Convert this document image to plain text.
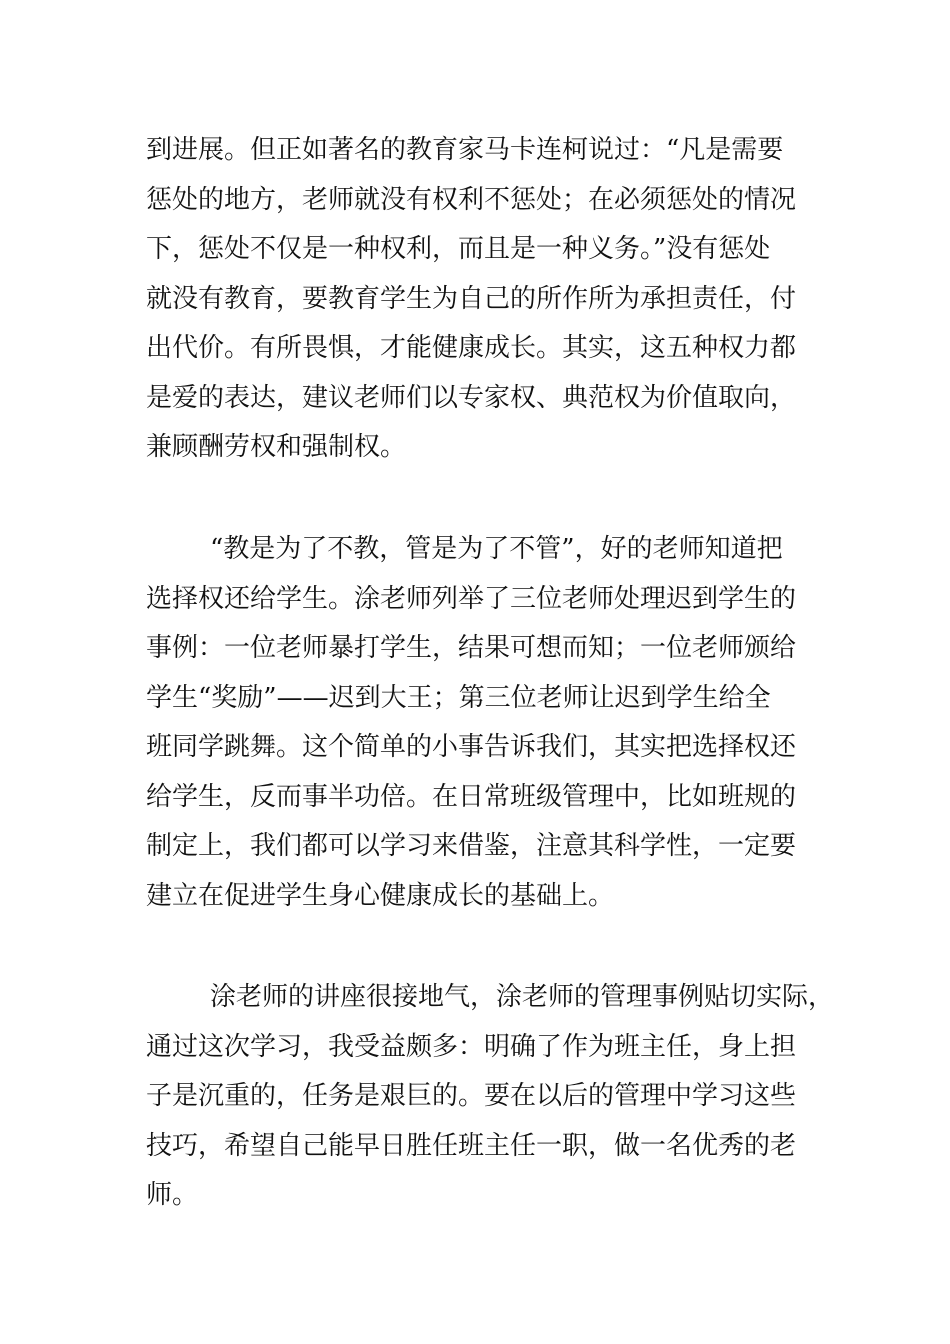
到进展。但正如著名的教育家马卡连柯说过：“凡是需要
惩处的地方，老师就没有权利不惩处；在必须惩处的情况
下，惩处不仅是一种权利，而且是一种义务。”没有惩处
就没有教育，要教育学生为自己的所作所为承担责任，付
出代价。有所畏惧，才能健康成长。其实，这五种权力都
是爱的表达，建议老师们以专家权、典范权为价值取向，
兼顾酬劳权和强制权。
“教是为了不教，管是为了不管”，好的老师知道把
选择权还给学生。涂老师列举了三位老师处理迟到学生的
事例：一位老师暴打学生，结果可想而知；一位老师颁给
学生“奖励”——迟到大王；第三位老师让迟到学生给全
班同学跳舞。这个简单的小事告诉我们，其实把选择权还
给学生，反而事半功倍。在日常班级管理中，比如班规的
制定上，我们都可以学习来借鉴，注意其科学性，一定要
建立在促进学生身心健康成长的基础上。
涂老师的讲座很接地气，涂老师的管理事例贴切实际，
通过这次学习，我受益颇多：明确了作为班主任，身上担
子是沉重的，任务是艰巨的。要在以后的管理中学习这些
技巧，希望自己能早日胜任班主任一职，做一名优秀的老
师。
